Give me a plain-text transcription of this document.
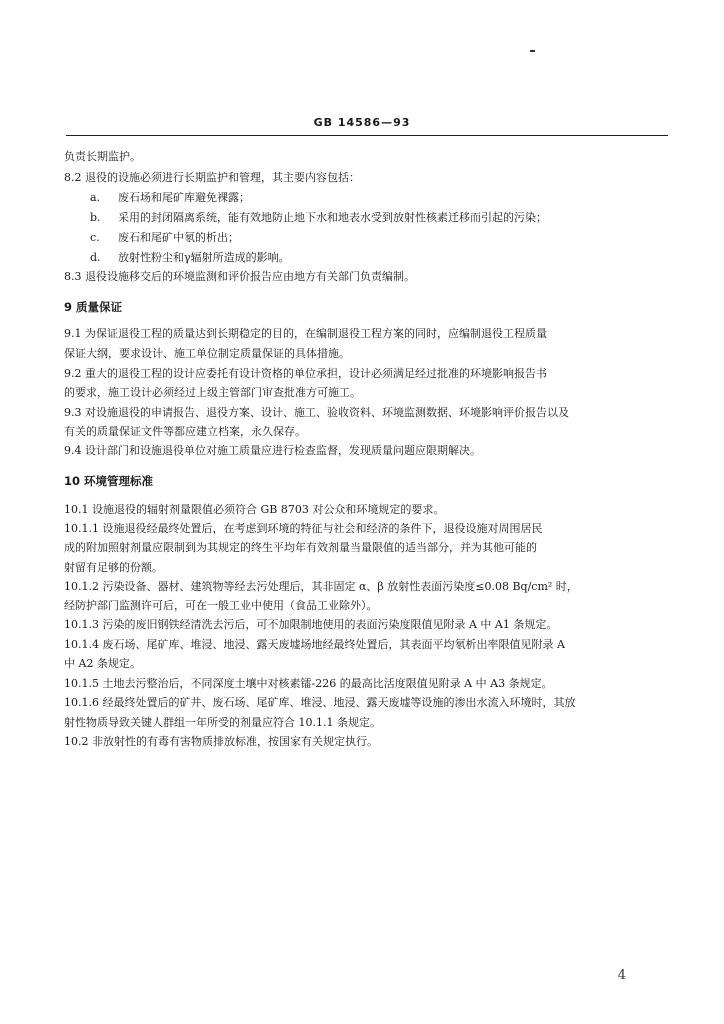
GB 14586—93
负责长期监护。
8.2 退役的设施必须进行长期监护和管理，其主要内容包括：
a. 废石场和尾矿库避免裸露；
b. 采用的封闭隔离系统，能有效地防止地下水和地表水受到放射性核素迁移而引起的污染；
c. 废石和尾矿中氡的析出；
d. 放射性粉尘和γ辐射所造成的影响。
8.3 退役设施移交后的环境监测和评价报告应由地方有关部门负责编制。
9 质量保证
9.1 为保证退役工程的质量达到长期稳定的目的，在编制退役工程方案的同时，应编制退役工程质量
保证大纲，要求设计、施工单位制定质量保证的具体措施。
9.2 重大的退役工程的设计应委托有设计资格的单位承担，设计必须满足经过批准的环境影响报告书
的要求，施工设计必须经过上级主管部门审查批准方可施工。
9.3 对设施退役的申请报告、退役方案、设计、施工、验收资料、环境监测数据、环境影响评价报告以及
有关的质量保证文件等都应建立档案，永久保存。
9.4 设计部门和设施退役单位对施工质量应进行检查监督，发现质量问题应限期解决。
10 环境管理标准
10.1 设施退役的辐射剂量限值必须符合 GB 8703 对公众和环境规定的要求。
10.1.1 设施退役经最终处置后，在考虑到环境的特征与社会和经济的条件下，退役设施对周围居民
成的附加照射剂量应限制到为其规定的终生平均年有效剂量当量限值的适当部分，并为其他可能的
射留有足够的份额。
10.1.2 污染设备、器材、建筑物等经去污处理后，其非固定 α、β 放射性表面污染度≤0.08 Bq/cm² 时，
经防护部门监测许可后，可在一般工业中使用（食品工业除外）。
10.1.3 污染的废旧钢铁经清洗去污后，可不加限制地使用的表面污染度限值见附录 A 中 A1 条规定。
10.1.4 废石场、尾矿库、堆浸、地浸、露天废墟场地经最终处置后，其表面平均氡析出率限值见附录 A
中 A2 条规定。
10.1.5 土地去污整治后，不同深度土壤中对核素镭-226 的最高比活度限值见附录 A 中 A3 条规定。
10.1.6 经最终处置后的矿井、废石场、尾矿库、堆浸、地浸、露天废墟等设施的渗出水流入环境时，其放
射性物质导致关键人群组一年所受的剂量应符合 10.1.1 条规定。
10.2 非放射性的有毒有害物质排放标准，按国家有关规定执行。
4
